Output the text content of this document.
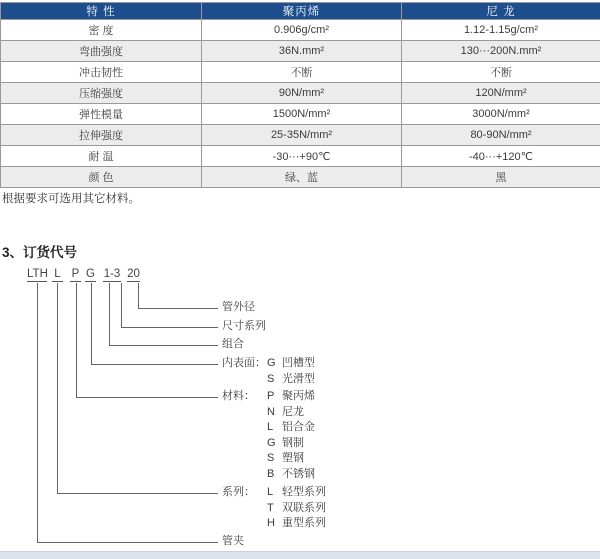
特 性	聚丙烯	尼 龙
密 度	0.906g/cm²	1.12-1.15g/cm²
弯曲强度	36N.mm²	130···200N.mm²
冲击韧性	不断	不断
压缩强度	90N/mm²	120N/mm²
弹性模量	1500N/mm²	3000N/mm²
拉伸强度	25-35N/mm²	80-90N/mm²
耐 温	-30···+90℃	-40···+120℃
颜 色	绿、蓝	黑
根据要求可选用其它材料。
3、订货代号
LTH L P G 1-3 20
管外径
尺寸系列
组合
内表面：G 凹槽型
S 光滑型
材料： P 聚丙烯
N 尼龙
L 铝合金
G 钢制
S 塑钢
B 不锈钢
系列： L 轻型系列
T 双联系列
H 重型系列
管夹
